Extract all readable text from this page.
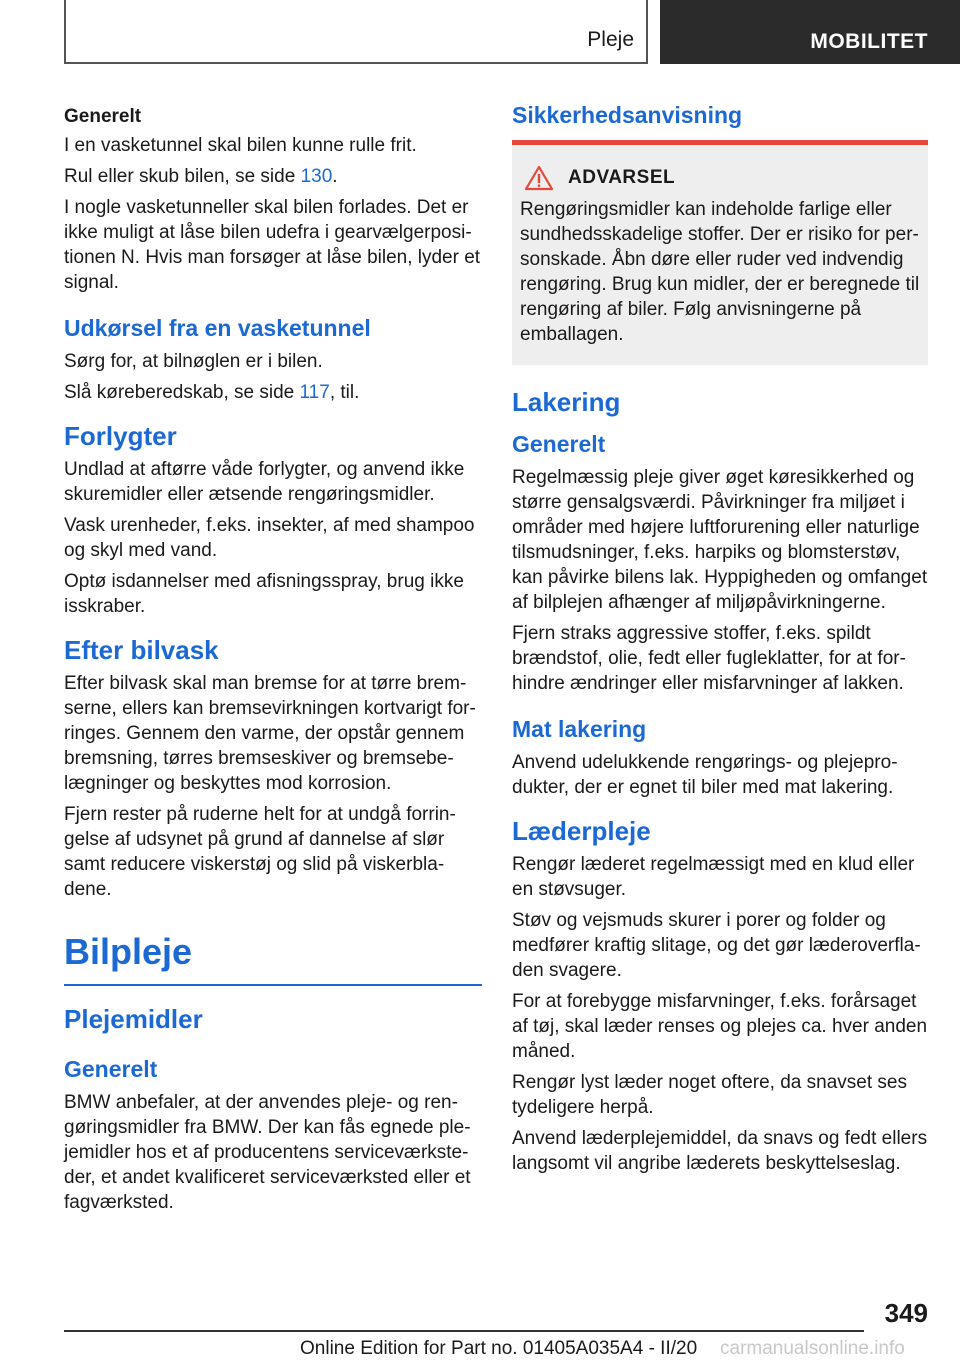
Pleje	MOBILITET
Generelt

I en vasketunnel skal bilen kunne rulle frit.

Rul eller skub bilen, se side 130.

I nogle vasketunneller skal bilen forlades. Det er ikke muligt at låse bilen udefra i gearvælgerpositionen N. Hvis man forsøger at låse bilen, lyder et signal.

Udkørsel fra en vasketunnel

Sørg for, at bilnøglen er i bilen.

Slå køreberedskab, se side 117, til.

Forlygter

Undlad at aftørre våde forlygter, og anvend ikke skuremidler eller ætsende rengøringsmidler.

Vask urenheder, f.eks. insekter, af med shampoo og skyl med vand.

Optø isdannelser med afisningsspray, brug ikke isskraber.

Efter bilvask

Efter bilvask skal man bremse for at tørre bremserne, ellers kan bremsevirkningen kortvarigt forringes. Gennem den varme, der opstår gennem bremsning, tørres bremseskiver og bremsebelægninger og beskyttes mod korrosion.

Fjern rester på ruderne helt for at undgå forringelse af udsynet på grund af dannelse af slør samt reducere viskerstøj og slid på viskerbladene.

Bilpleje
Plejemidler
Generelt

BMW anbefaler, at der anvendes pleje- og rengøringsmidler fra BMW. Der kan fås egnede plejemidler hos et af producentens serviceværksteder, et andet kvalificeret serviceværksted eller et fagværksted.

Sikkerhedsanvisning
ADVARSEL

Rengøringsmidler kan indeholde farlige eller sundhedsskadelige stoffer. Der er risiko for personskade. Åbn døre eller ruder ved indvendig rengøring. Brug kun midler, der er beregnede til rengøring af biler. Følg anvisningerne på emballagen.

Lakering
Generelt

Regelmæssig pleje giver øget køresikkerhed og større gensalgsværdi. Påvirkninger fra miljøet i områder med højere luftforurening eller naturlige tilsmudsninger, f.eks. harpiks og blomsterstøv, kan påvirke bilens lak. Hyppigheden og omfanget af bilplejen afhænger af miljøpåvirkningerne.

Fjern straks aggressive stoffer, f.eks. spildt brændstof, olie, fedt eller fugleklatter, for at forhindre ændringer eller misfarvninger af lakken.

Mat lakering

Anvend udelukkende rengørings- og plejeprodukter, der er egnet til biler med mat lakering.

Læderpleje

Rengør læderet regelmæssigt med en klud eller en støvsuger.

Støv og vejsmuds skurer i porer og folder og medfører kraftig slitage, og det gør læderoverfladen svagere.

For at forebygge misfarvninger, f.eks. forårsaget af tøj, skal læder renses og plejes ca. hver anden måned.

Rengør lyst læder noget oftere, da snavset ses tydeligere herpå.

Anvend læderplejemiddel, da snavs og fedt ellers langsomt vil angribe læderets beskyttelseslag.

349
Online Edition for Part no. 01405A035A4 - II/20 carmanualsonline.info
